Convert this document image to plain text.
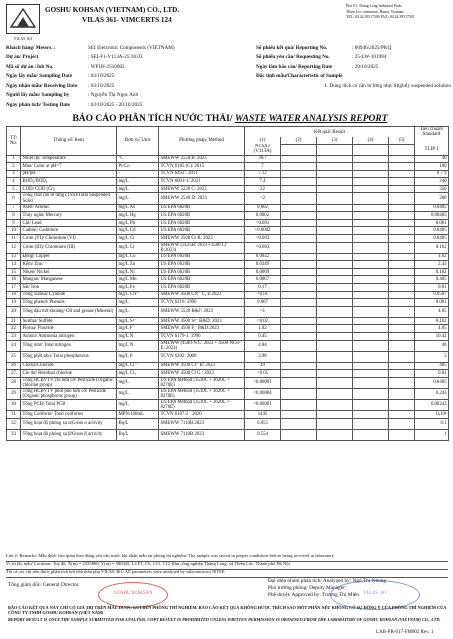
VILAS 361
GOSHU KOHSAN (VIETNAM) CO., LTD.
VILAS 361- VIMCERTS 124
Plot F1, Thang Long Industrial Park,
Thien Loc commune, Hanoi, Vietnam.
TEL: 84.24.39517500 FAX: 84.24.39517501
Khách hàng/ Messrs. :	SEI Electronic Components (VIETNAM)
Dự án/ Project	: SEI-F1-V113A-25.10.03
Mã số dự án /Job No.	: WP1H-2510002
Ngày lấy mẫu/ Sampling Date	: 03/10/2025
Ngày nhận mẫu/ Receiving Date	: 03/10/2025
Người lấy mẫu/ Sampling by	: Nguyễn Thị Ngọc Anh
Ngày phân tích/ Testing Date	: 03/10/2025 - 20/10/2025
Số phiếu kết quả/ Reporting No.	: 00946/2025/PKQ
Số phiếu yêu cầu/ Requesting No.	: 25-LW-101984
Ngày làm báo cáo/ Reporting Date	: 20/10/2025
Đặc tính mẫu/Characteristic of Sample
1. Dung dịch có cặn lơ lửng nhẹ/ Slightly suspended solution
BÁO CÁO PHÂN TÍCH NƯỚC THẢI/ WASTE WATER ANALYSIS REPORT
TT/ No.	Thông số/ Item	Đơn vị/ Unit	Phương pháp/ Method	Kết quả/ Result					Tiêu chuẩn/ Standard
				(1)	(2)	(3)	(4)	(5)	
				NTSX1 (V113A)					TLIP 1
1	Nhiệt độ/ Temperature	°C	SMEWW 2550 B: 2023	30.7					40
2	Màu/ Color at pH=7	Pt-Co	TCVN 6185 (C): 2015	7					100
3	pH/pH	-	TCVN 6492 : 2011	7.12					6 ÷ 9
4	BOD₅/BOD₅	mg/L	TCVN 6001-1: 2021	7.4					240
5	COD/ COD (Cr)	mg/L	SMEWW 5220 C: 2023	22					350
6	Tổng chất rắn lơ lửng (TSS)/Total Suspended Solid	mg/L	SMEWW 2540 D: 2023	<2					200
7	Asen/ Arsenic	mg/L As	US EPA 6020B	0.002					0.0405
8	Thủy ngân/ Mercury	mg/L Hg	US EPA 6020B	0.0002					0.00405
9	Chì/ Lead	mg/L Pb	US EPA 6020B	<0.001					0.081
10	Cadimi/ Cadmium	mg/L Cd	US EPA 6020B	<0.0002					0.0405
11	Crom (VI)/ Chromium (VI)	mg/L Cr	SMEWW 3500 Cr B: 2023	<0.003					0.0405
12	Crom (III)/ Chromium (III)	mg/L Cr	SMEWW (3125B: 2023 +3500 Cr B:2023)	<0.003					0.162
13	Đồng/ Copper	mg/L Cu	US EPA 6020B	0.0022					1.62
14	Kẽm/ Zinc	mg/L Zn	US EPA 6020B	0.0349					2.43
15	Niken/ Nickel	mg/L Ni	US EPA 6020B	0.0069					0.162
16	Mangan/ Manganese	mg/L Mn	US EPA 6020B	0.0067					0.405
17	Sắt/ Iron	mg/L Fe	US EPA 6020B	0.17					0.81
18	Tổng xianua/ Cyanide	mg/L CN⁻	SMEWW 4500 CN⁻ C, E:2023	<0.01					0.0567
19	Tổng phenol/ Phenols	mg/L	TCVN 6216: 1996	0.007					0.081
20	Tổng dầu mỡ khoáng/ Oil and grease (Mineral)	mg/L	SMEWW 5520 B&F: 2023	<1					4.05
21	Sunfua/ Sulfide	mg/L S²⁻	SMEWW 4500 S²⁻ B&D: 2023	<0.02					0.162
22	Florua/ Fluoride	mg/L F⁻	SMEWW 4500 F⁻ B&D:2023	1.02					4.05
23	Amoni/ Ammonia nitrogen	mg/L N	TCVN 6179-1: 1996	0.45					10.42
24	Tổng nitơ/ Total nitrogen	mg/L N	SMEWW (4500-N.C: 2023 + 4500-NO3- E: 2023)	4.84					40
25	Tổng phốt pho/ Total phosphorous	mg/L P	TCVN 6202: 2008	3.98					5
26	Clorua/Chloride	mg/L Cl⁻	SMEWW 4500 Cl⁻ B: 2023	49					405
27	Clo dư/ Residual chlorine	mg/L Cl₂	SMEWW 4500 Cl G : 2023	<0.05					0.81
28	Tổng HCBVTV clo hữu cơ/ Pesticide (Organic chlorine group)	mg/L	US EPA Method (3510C + 3620C + 8270E)	<0.00001					0.0405
29	Tổng HCBVTV phốt pho hữu cơ/ Pesticide (Organic phosphorus group)	mg/L	US EPA Method (3510C + 3620C + 8270E)	<0.00004					0.243
30	Tổng PCB/ Total PCB	mg/L	US EPA Method (3510C + 3620C + 8270E)	<0.00001					0.00243
31	Tổng Coliform/ Total coliforms	MPN/100mL	TCVN 6187-2 : 2020	1445					1x10⁴
32	Tổng hoạt độ phóng xạ α/Gross α activity	Bq/L	SMEWW 7110B:2023	0.055					0.1
33	Tổng hoạt độ phóng xạ β/Gross β activity	Bq/L	SMEWW 7110B:2023	0.554					1
Lưu ý/ Remarks: Mẫu được bảo quản theo đúng yêu cầu trước khi nhận mẫu tại phòng thí nghiệm/ The sample was stored in proper conditions before being received in laboratory
Vị trí lấy mẫu/ Location: Toạ độ: X(m) = 2335868, Y(m) = 580345, Lô F1, C6, C11, C12 Khu công nghiệp Thăng Long, xã Thiên Lộc, Thành phố Hà Nội
Tất cả các chỉ tiêu được phân tích bởi nhà thầu phụ VILAS 361/ All parameters were analysed by subcontractor ISTEE
Tổng giám đốc/ General Director
Đại diện nhóm phân tích/ Analyzed by: Ngô Thị Nhung
Phó trưởng phòng/ Deputy Manager:
Phê duyệt/ Approved by: Trương Thị Miên
GOSHU KOHSAN	VILAS 361
BÁO CÁO KẾT QUẢ NÀY CHỈ CÓ GIÁ TRỊ TRÊN MẪU ĐƯỢC GỬI ĐẾN PHÒNG THÍ NGHIỆM. BÁO CÁO KẾT QUẢ KHÔNG ĐƯỢC TRÍCH SAO MỘT PHẦN NẾU KHÔNG CÓ SỰ ĐỒNG Ý CỦA PHÒNG THÍ NGHIỆM CỦA CÔNG TY TNHH GOSHU KOHSAN (VIỆT NAM)
REPORT RESULT IS ONLY THE SAMPLE SUBMITTED FOR ANALYSIS, COPY RESULT IS PROHIBITED UNLESS WRITTEN PERMISSION IS OBTAINED FROM THE LABORATORY OF GOSHU KOHSAN (VIETNAM) CO., LTD.
LAB-PR-017-FM002 Rev. 1
